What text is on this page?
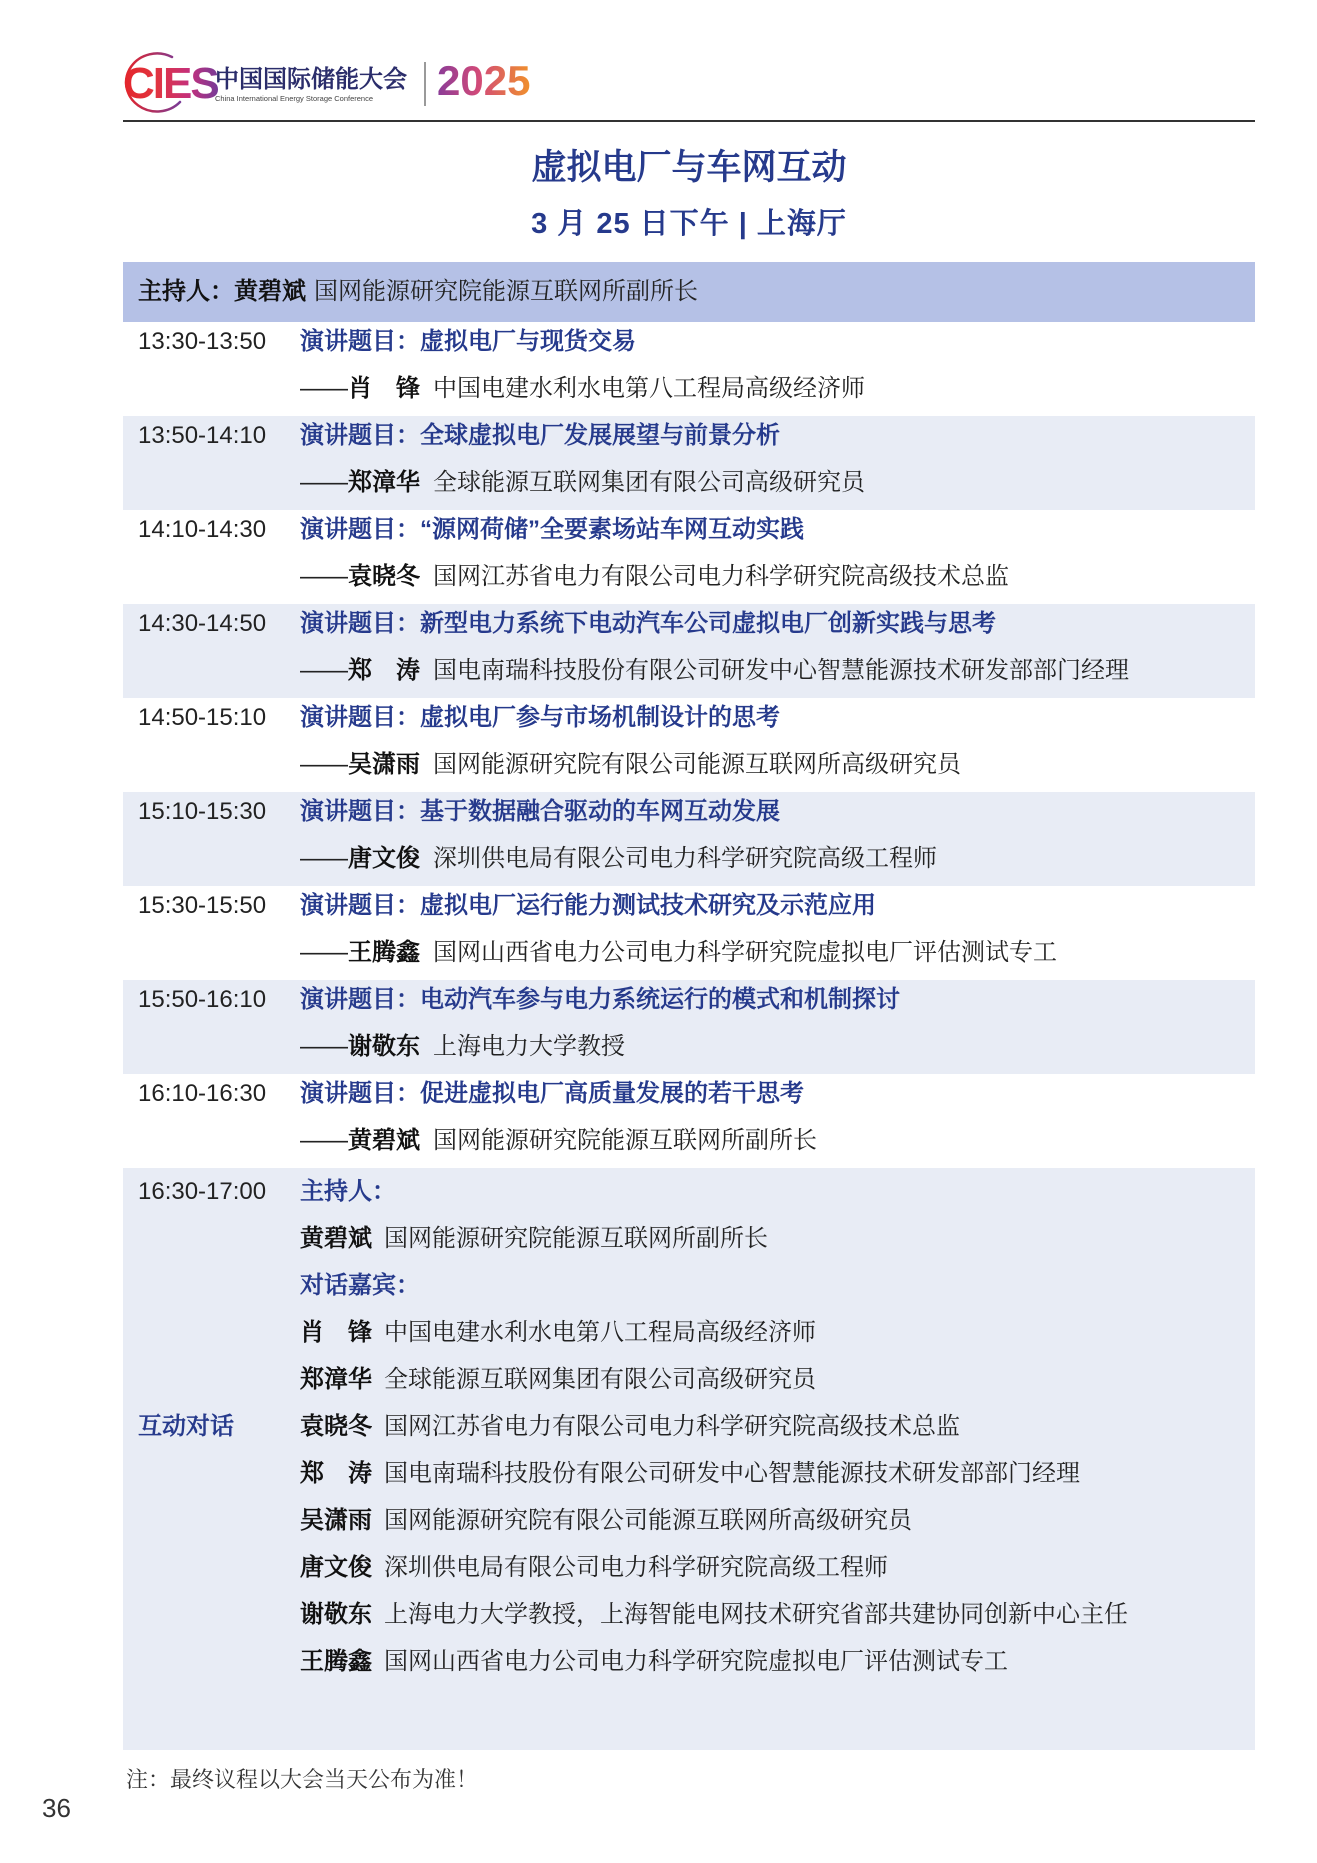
CIES
中国国际储能大会
China International Energy Storage Conference 2025
虚拟电厂与车网互动
3 月 25 日下午 | 上海厅
主持人：黄碧斌 国网能源研究院能源互联网所副所长
13:30-13:50 演讲题目：虚拟电厂与现货交易
——肖　锋 中国电建水利水电第八工程局高级经济师
13:50-14:10 演讲题目：全球虚拟电厂发展展望与前景分析
——郑漳华 全球能源互联网集团有限公司高级研究员
14:10-14:30 演讲题目：“源网荷储”全要素场站车网互动实践
——袁晓冬 国网江苏省电力有限公司电力科学研究院高级技术总监
14:30-14:50 演讲题目：新型电力系统下电动汽车公司虚拟电厂创新实践与思考
——郑　涛 国电南瑞科技股份有限公司研发中心智慧能源技术研发部部门经理
14:50-15:10 演讲题目：虚拟电厂参与市场机制设计的思考
——吴潇雨 国网能源研究院有限公司能源互联网所高级研究员
15:10-15:30 演讲题目：基于数据融合驱动的车网互动发展
——唐文俊 深圳供电局有限公司电力科学研究院高级工程师
15:30-15:50 演讲题目：虚拟电厂运行能力测试技术研究及示范应用
——王腾鑫 国网山西省电力公司电力科学研究院虚拟电厂评估测试专工
15:50-16:10 演讲题目：电动汽车参与电力系统运行的模式和机制探讨
——谢敬东 上海电力大学教授
16:10-16:30 演讲题目：促进虚拟电厂高质量发展的若干思考
——黄碧斌 国网能源研究院能源互联网所副所长
16:30-17:00
互动对话
主持人：
黄碧斌 国网能源研究院能源互联网所副所长
对话嘉宾：
肖　锋 中国电建水利水电第八工程局高级经济师
郑漳华 全球能源互联网集团有限公司高级研究员
袁晓冬 国网江苏省电力有限公司电力科学研究院高级技术总监
郑　涛 国电南瑞科技股份有限公司研发中心智慧能源技术研发部部门经理
吴潇雨 国网能源研究院有限公司能源互联网所高级研究员
唐文俊 深圳供电局有限公司电力科学研究院高级工程师
谢敬东 上海电力大学教授，上海智能电网技术研究省部共建协同创新中心主任
王腾鑫 国网山西省电力公司电力科学研究院虚拟电厂评估测试专工
注：最终议程以大会当天公布为准！
36
